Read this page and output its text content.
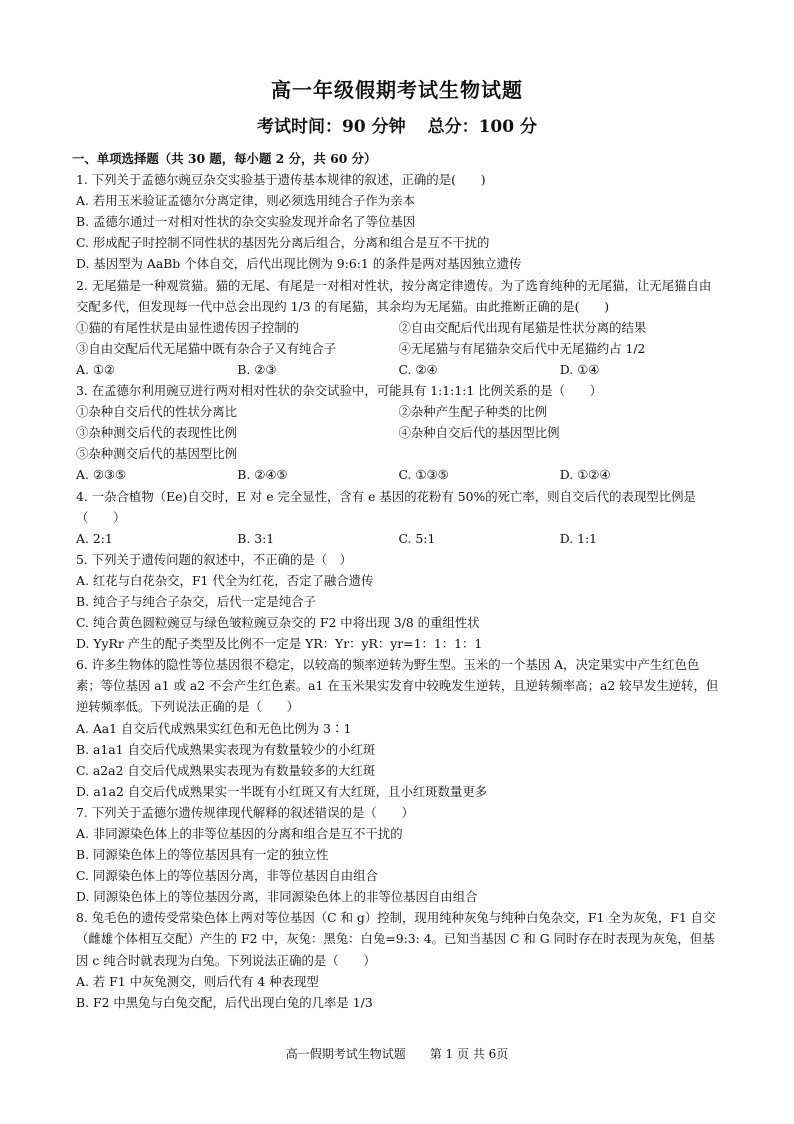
高一年级假期考试生物试题
考试时间：90 分钟 总分：100 分
一、单项选择题（共 30 题，每小题 2 分，共 60 分）
1. 下列关于孟德尔豌豆杂交实验基于遗传基本规律的叙述，正确的是(　　)
A. 若用玉米验证孟德尔分离定律，则必须选用纯合子作为亲本
B. 孟德尔通过一对相对性状的杂交实验发现并命名了等位基因
C. 形成配子时控制不同性状的基因先分离后组合，分离和组合是互不干扰的
D. 基因型为 AaBb 个体自交，后代出现比例为 9:6:1 的条件是两对基因独立遗传
2. 无尾猫是一种观赏猫。猫的无尾、有尾是一对相对性状，按分离定律遗传。为了选育纯种的无尾猫，让无尾猫自由交配多代，但发现每一代中总会出现约 1/3 的有尾猫，其余均为无尾猫。由此推断正确的是(　　)
①猫的有尾性状是由显性遗传因子控制的	②自由交配后代出现有尾猫是性状分离的结果
③自由交配后代无尾猫中既有杂合子又有纯合子	④无尾猫与有尾猫杂交后代中无尾猫约占 1/2
A. ①②	B. ②③	C. ②④	D. ①④
3. 在孟德尔利用豌豆进行两对相对性状的杂交试验中，可能具有 1:1:1:1 比例关系的是（　　）
①杂种自交后代的性状分离比	②杂种产生配子种类的比例
③杂种测交后代的表现性比例	④杂种自交后代的基因型比例
⑤杂种测交后代的基因型比例
A. ②③⑤	B. ②④⑤	C. ①③⑤	D. ①②④
4. 一杂合植物（Ee)自交时，E 对 e 完全显性，含有 e 基因的花粉有 50%的死亡率，则自交后代的表现型比例是（　　）
A. 2:1	B. 3:1	C. 5:1	D. 1:1
5. 下列关于遗传问题的叙述中，不正确的是（　）
A. 红花与白花杂交，F1 代全为红花，否定了融合遗传
B. 纯合子与纯合子杂交，后代一定是纯合子
C. 纯合黄色圆粒豌豆与绿色皱粒豌豆杂交的 F2 中将出现 3/8 的重组性状
D. YyRr 产生的配子类型及比例不一定是 YR：Yr：yR：yr=1：1：1：1
6. 许多生物体的隐性等位基因很不稳定，以较高的频率逆转为野生型。玉米的一个基因 A，决定果实中产生红色色素；等位基因 a1 或 a2 不会产生红色素。a1 在玉米果实发育中较晚发生逆转，且逆转频率高；a2 较早发生逆转，但逆转频率低。下列说法正确的是（　　）
A. Aa1 自交后代成熟果实红色和无色比例为 3∶1
B. a1a1 自交后代成熟果实表现为有数量较少的小红斑
C. a2a2 自交后代成熟果实表现为有数量较多的大红斑
D. a1a2 自交后代成熟果实一半既有小红斑又有大红斑，且小红斑数量更多
7. 下列关于孟德尔遗传规律现代解释的叙述错误的是（　　）
A. 非同源染色体上的非等位基因的分离和组合是互不干扰的
B. 同源染色体上的等位基因具有一定的独立性
C. 同源染色体上的等位基因分离，非等位基因自由组合
D. 同源染色体上的等位基因分离，非同源染色体上的非等位基因自由组合
8. 兔毛色的遗传受常染色体上两对等位基因（C 和 g）控制，现用纯种灰兔与纯种白兔杂交，F1 全为灰兔，F1 自交（雌雄个体相互交配）产生的 F2 中，灰兔：黑兔：白兔=9:3: 4。已知当基因 C 和 G 同时存在时表现为灰兔，但基因 c 纯合时就表现为白兔。下列说法正确的是（　　）
A. 若 F1 中灰兔测交，则后代有 4 种表现型
B. F2 中黑兔与白兔交配，后代出现白兔的几率是 1/3
高一假期考试生物试题 第 1 页 共 6页
